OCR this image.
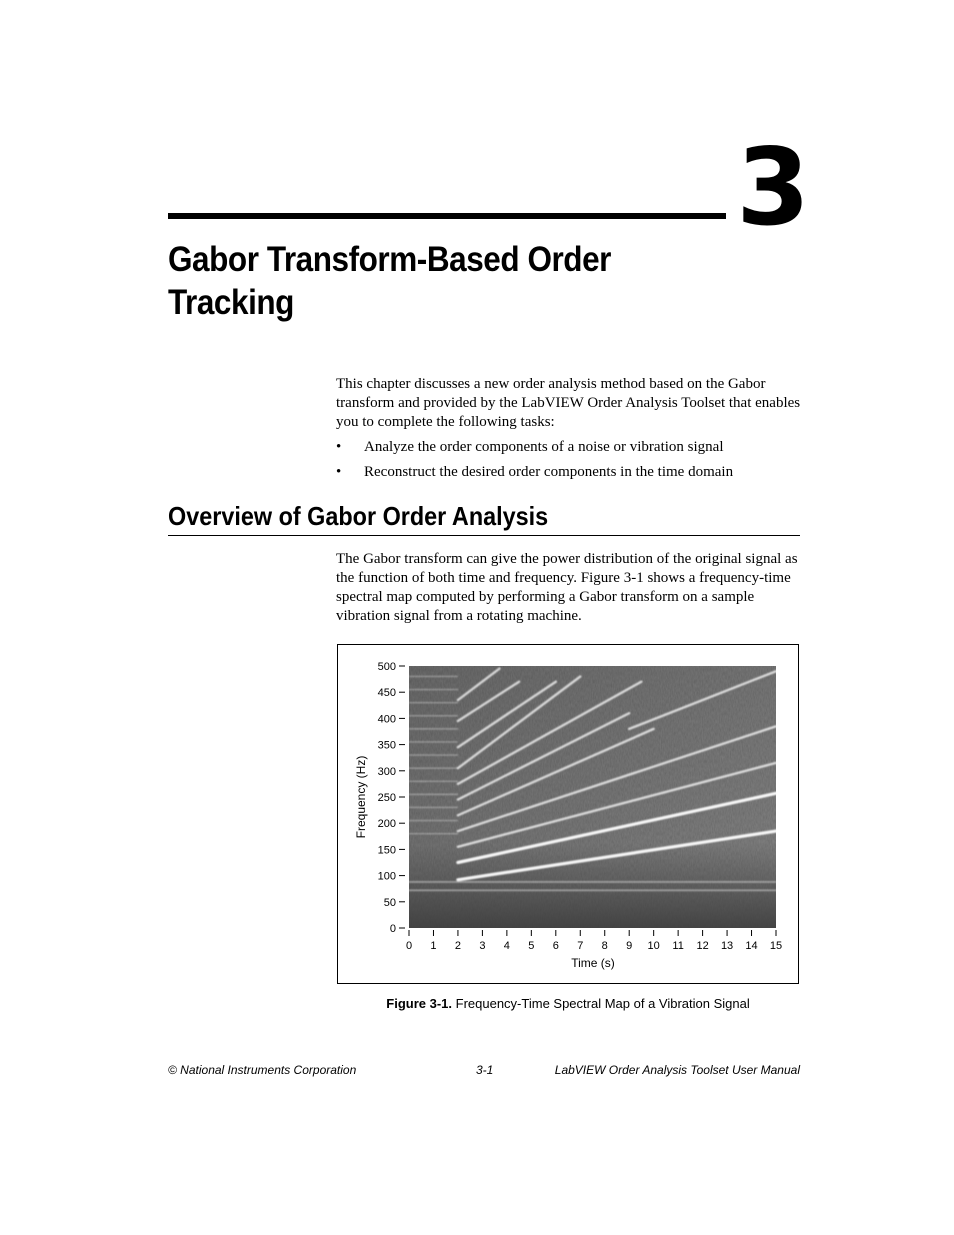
3
Gabor Transform-Based Order
Tracking
This chapter discusses a new order analysis method based on the Gabor transform and provided by the LabVIEW Order Analysis Toolset that enables you to complete the following tasks:
• Analyze the order components of a noise or vibration signal
• Reconstruct the desired order components in the time domain
Overview of Gabor Order Analysis
The Gabor transform can give the power distribution of the original signal as the function of both time and frequency. Figure 3-1 shows a frequency-time spectral map computed by performing a Gabor transform on a sample vibration signal from a rotating machine.
0
50
100
150
200
250
300
350
400
450
500
0 1 2 3 4 5 6 7 8 9 10 11 12 13 14 15
Time (s)
Frequency (Hz)
Figure 3-1. Frequency-Time Spectral Map of a Vibration Signal
© National Instruments Corporation	3-1	LabVIEW Order Analysis Toolset User Manual
